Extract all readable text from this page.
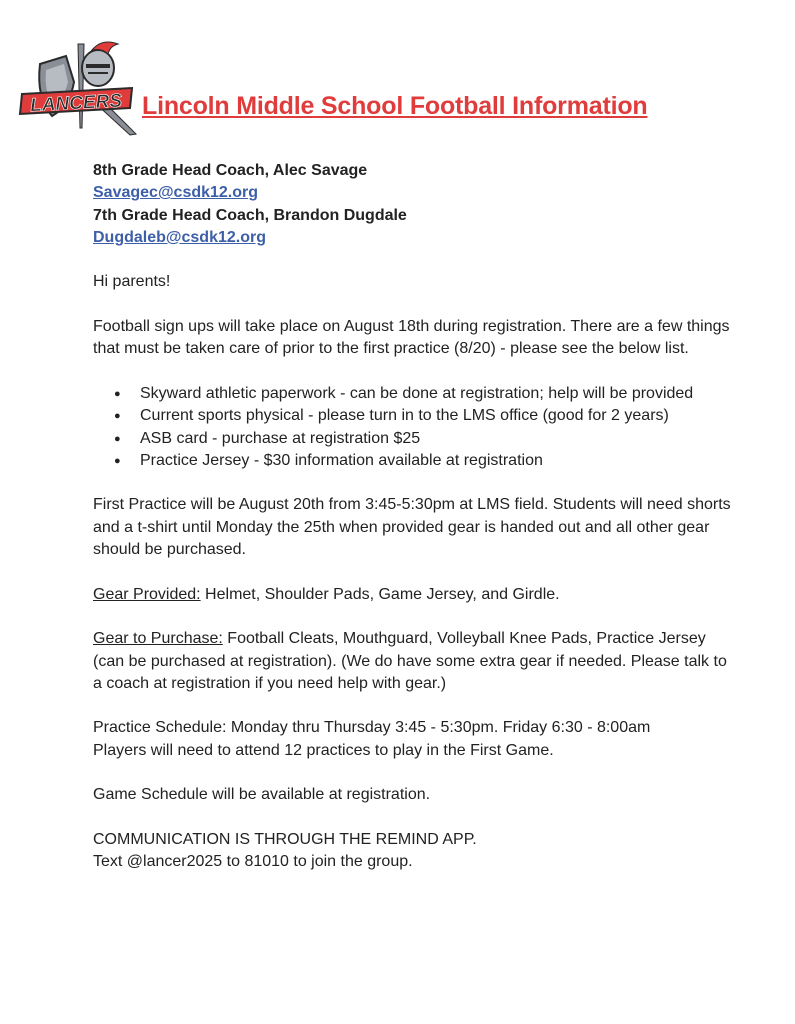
LANCERS Lincoln Middle School Football Information

8th Grade Head Coach, Alec Savage

Savagec@csdk12.org

7th Grade Head Coach, Brandon Dugdale

Dugdaleb@csdk12.org

Hi parents!

Football sign ups will take place on August 18th during registration. There are a few things that must be taken care of prior to the first practice (8/20) - please see the below list.

● Skyward athletic paperwork - can be done at registration; help will be provided
● Current sports physical - please turn in to the LMS office (good for 2 years)
● ASB card - purchase at registration $25
● Practice Jersey - $30 information available at registration

First Practice will be August 20th from 3:45-5:30pm at LMS field. Students will need shorts and a t-shirt until Monday the 25th when provided gear is handed out and all other gear should be purchased.

Gear Provided: Helmet, Shoulder Pads, Game Jersey, and Girdle.

Gear to Purchase: Football Cleats, Mouthguard, Volleyball Knee Pads, Practice Jersey (can be purchased at registration). (We do have some extra gear if needed. Please talk to a coach at registration if you need help with gear.)

Practice Schedule: Monday thru Thursday 3:45 - 5:30pm. Friday 6:30 - 8:00am

Players will need to attend 12 practices to play in the First Game.

Game Schedule will be available at registration.

COMMUNICATION IS THROUGH THE REMIND APP.

Text @lancer2025 to 81010 to join the group.
